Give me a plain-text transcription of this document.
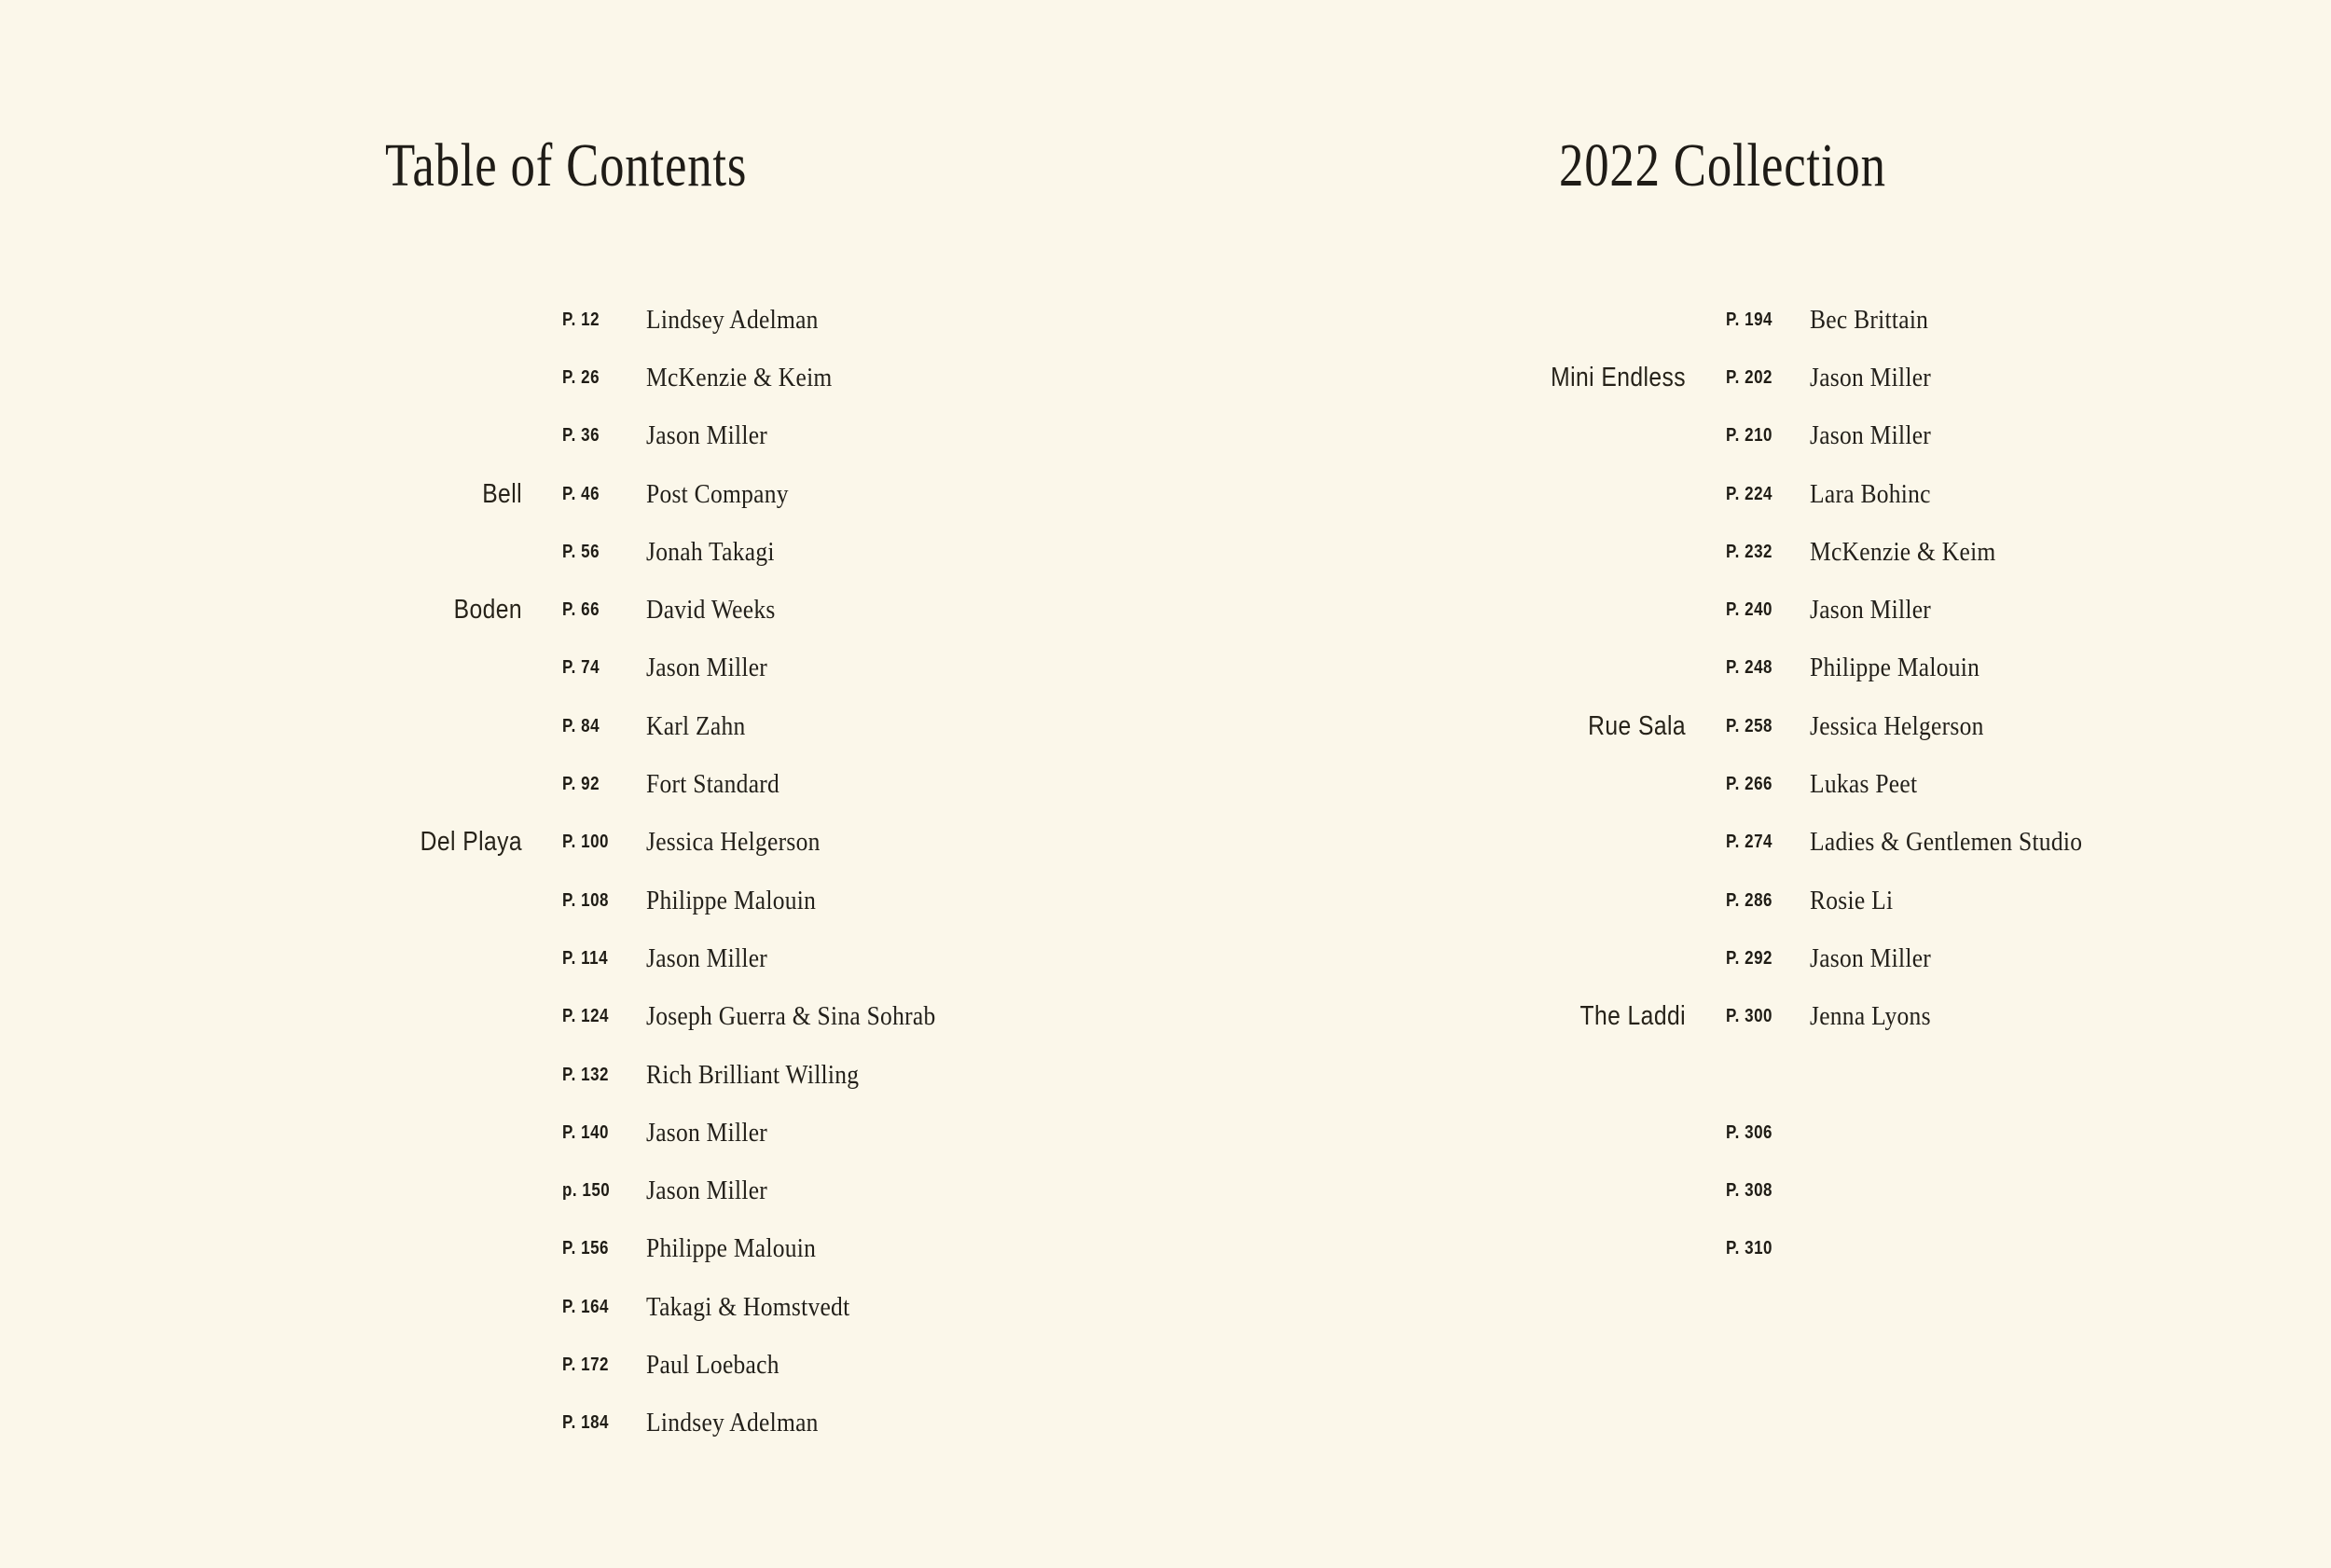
Table of Contents
P. 12	Lindsey Adelman
P. 26	McKenzie & Keim
P. 36	Jason Miller
Bell P. 46	Post Company
P. 56	Jonah Takagi
Boden P. 66	David Weeks
P. 74	Jason Miller
P. 84	Karl Zahn
P. 92	Fort Standard
Del Playa P. 100	Jessica Helgerson
P. 108	Philippe Malouin
P. 114	Jason Miller
P. 124	Joseph Guerra & Sina Sohrab
P. 132	Rich Brilliant Willing
P. 140	Jason Miller
p. 150	Jason Miller
P. 156	Philippe Malouin
P. 164	Takagi & Homstvedt
P. 172	Paul Loebach
P. 184	Lindsey Adelman
2022 Collection
P. 194	Bec Brittain
Mini Endless P. 202	Jason Miller
P. 210	Jason Miller
P. 224	Lara Bohinc
P. 232	McKenzie & Keim
P. 240	Jason Miller
P. 248	Philippe Malouin
Rue Sala P. 258	Jessica Helgerson
P. 266	Lukas Peet
P. 274	Ladies & Gentlemen Studio
P. 286	Rosie Li
P. 292	Jason Miller
The Laddi P. 300	Jenna Lyons
P. 306
P. 308
P. 310
